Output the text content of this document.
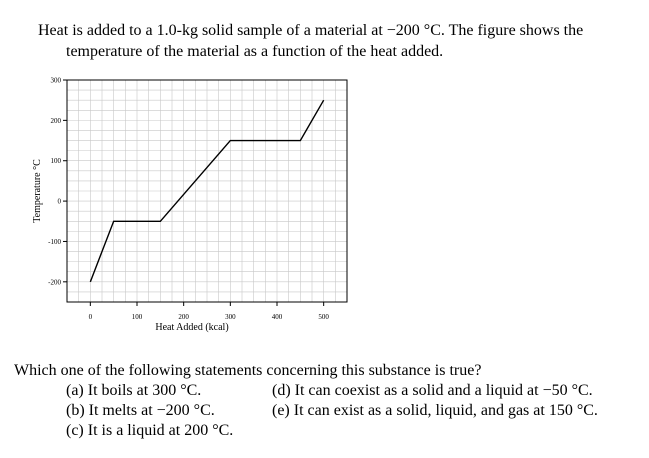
Heat is added to a 1.0-kg solid sample of a material at −200 °C. The figure shows the
temperature of the material as a function of the heat added.
0	100	200	300	400	500
300
200
100
0
-100
-200
Heat Added (kcal)
Temperature °C
Which one of the following statements concerning this substance is true?
(a) It boils at 300 °C.
(b) It melts at −200 °C.
(c) It is a liquid at 200 °C.
(d) It can coexist as a solid and a liquid at −50 °C.
(e) It can exist as a solid, liquid, and gas at 150 °C.
